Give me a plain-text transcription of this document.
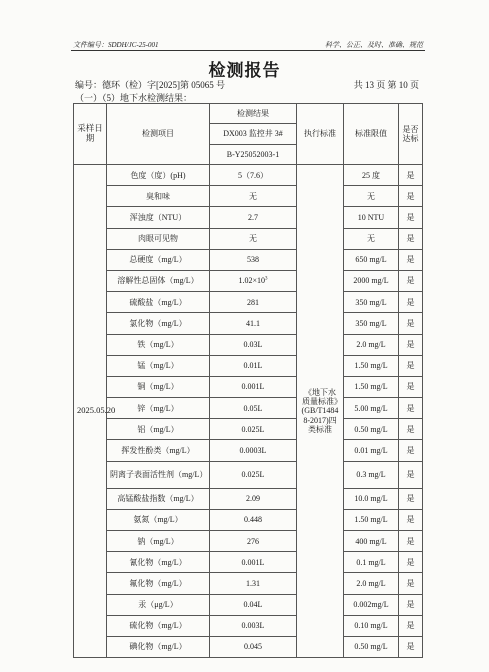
文件编号：SDDH/JC-25-001	科学、公正、及时、准确、规范
检测报告
编号：德环（检）字[2025]第 05065 号	共 13 页 第 10 页
（一）（5）地下水检测结果：
采样日期	检测项目	检测结果	执行标准	标准限值	是否达标
		DX003 监控井 3#			
		B-Y25052003-1			
2025.05.20	色度（度）(pH)	5（7.6）	《地下水质量标准》(GB/T14848-2017)四类标准	25 度	是
	臭和味	无		无	是
	浑浊度（NTU）	2.7		10 NTU	是
	肉眼可见物	无		无	是
	总硬度（mg/L）	538		650 mg/L	是
	溶解性总固体（mg/L）	$1.02\times 10^3$		2000 mg/L	是
	硫酸盐（mg/L）	281		350 mg/L	是
	氯化物（mg/L）	41.1		350 mg/L	是
	铁（mg/L）	0.03L		2.0 mg/L	是
	锰（mg/L）	0.01L		1.50 mg/L	是
	铜（mg/L）	0.001L		1.50 mg/L	是
	锌（mg/L）	0.05L		5.00 mg/L	是
	铝（mg/L）	0.025L		0.50 mg/L	是
	挥发性酚类（mg/L）	0.0003L		0.01 mg/L	是
	阴离子表面活性剂（mg/L）	0.025L		0.3 mg/L	是
	高锰酸盐指数（mg/L）	2.09		10.0 mg/L	是
	氨氮（mg/L）	0.448		1.50 mg/L	是
	钠（mg/L）	276		400 mg/L	是
	氰化物（mg/L）	0.001L		0.1 mg/L	是
	氟化物（mg/L）	1.31		2.0 mg/L	是
	汞（μg/L）	0.04L		0.002mg/L	是
	硫化物（mg/L）	0.003L		0.10 mg/L	是
	碘化物（mg/L）	0.045		0.50 mg/L	是
